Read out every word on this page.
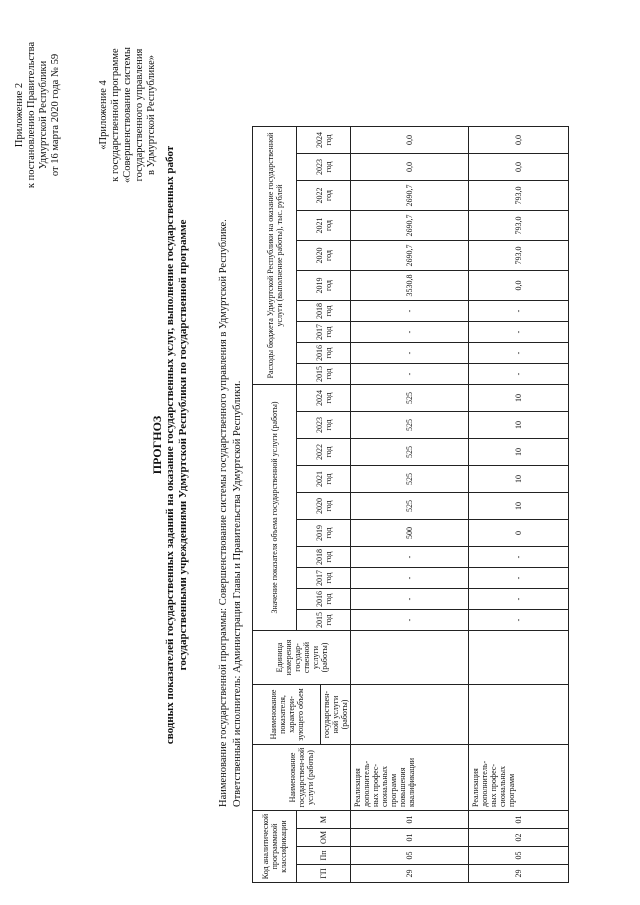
Приложение 2 к постановлению Правительства Удмуртской Республики от 16 марта 2020 года № 59	«Приложение 4 к государственной программе «Совершенствование системы государственного управления в Удмуртской Республике»
ПРОГНОЗ сводных показателей государственных заданий на оказание государственных услуг, выполнение государственных работ государственными учреждениями Удмуртской Республики по государственной программе	Наименование государственной программы: Совершенствование системы государственного управления в Удмуртской Республике. Ответственный исполнитель: Администрация Главы и Правительства Удмуртской Республики.
Код аналитической программной классификации				Наименование государствен-ной услуги (работы)	Наименование показателя, характери-зующего объем	Единица измерения государ-ственной услуги (работы)	Значение показателя объема государственной услуги (работы)										Расходы бюджета Удмуртской Республики на оказание государственной услуги (выполнение работы), тыс. рублей									
ГП	Пп	ОМ	М				2015 год	2016 год	2017 год	2018 год	2019 год	2020 год	2021 год	2022 год	2023 год	2024 год	2015 год	2016 год	2017 год	2018 год	2019 год	2020 год	2021 год	2022 год	2023 год	2024 год
					государствен-ной услуги (работы)																					
29	05	01	01	Реализация дополнитель-ных профес-сиональных программ повышения квалификации			-	-	-	-	500	525	525	525	525	525	-	-	-	-	3530,8	2690,7	2690,7	2690,7	0,0	0,0
29	05	02	01	Реализация дополнитель-ных профес-сиональных программ			-	-	-	-	0	10	10	10	10	10	-	-	-	-	0,0	793,0	793,0	793,0	0,0	0,0
